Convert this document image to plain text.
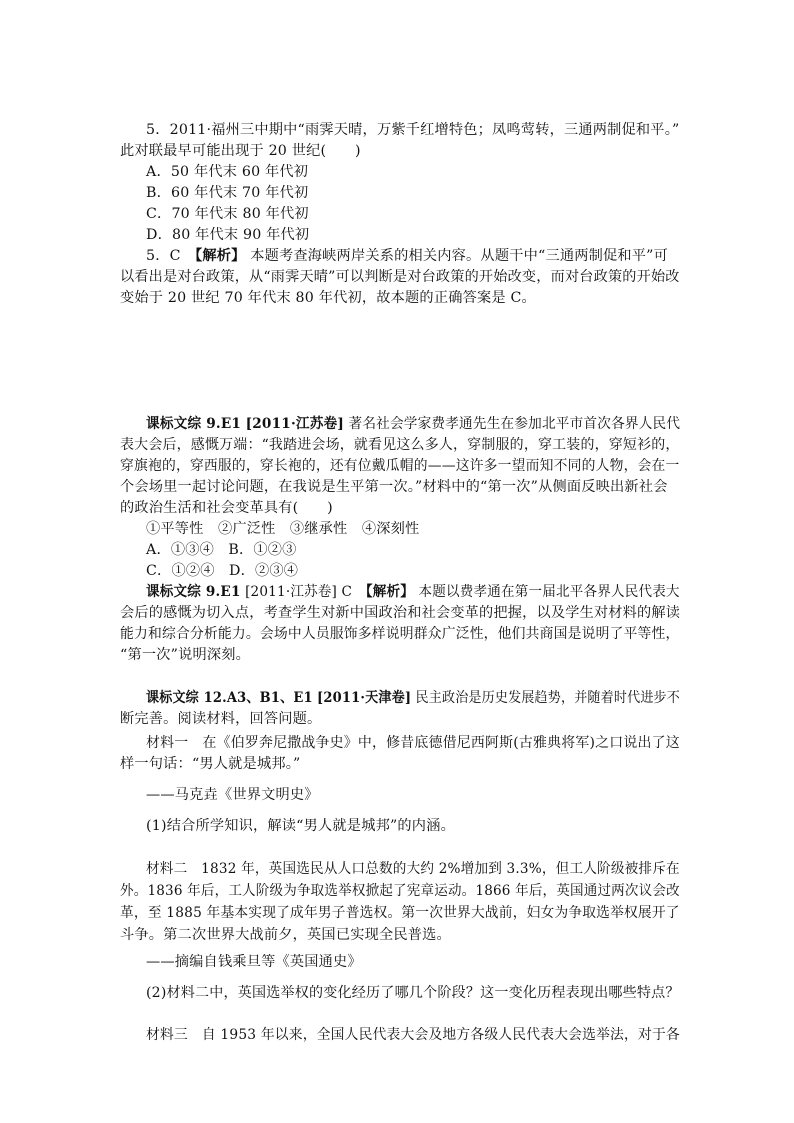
5．2011·福州三中期中“雨霁天晴，万紫千红增特色；凤鸣莺转，三通两制促和平。”
此对联最早可能出现于 20 世纪(　　)
A．50 年代末 60 年代初
B．60 年代末 70 年代初
C．70 年代末 80 年代初
D．80 年代末 90 年代初
5．C　 【解析】 本题考查海峡两岸关系的相关内容。从题干中“三通两制促和平”可
以看出是对台政策，从“雨霁天晴”可以判断是对台政策的开始改变，而对台政策的开始改
变始于 20 世纪 70 年代末 80 年代初，故本题的正确答案是 C。
课标文综 9.E1 [2011·江苏卷] 著名社会学家费孝通先生在参加北平市首次各界人民代
表大会后，感慨万端：“我踏进会场，就看见这么多人，穿制服的，穿工装的，穿短衫的，
穿旗袍的，穿西服的，穿长袍的，还有位戴瓜帽的——这许多一望而知不同的人物，会在一
个会场里一起讨论问题，在我说是生平第一次。”材料中的“第一次”从侧面反映出新社会
的政治生活和社会变革具有(　　)
①平等性　②广泛性　③继承性　④深刻性
A．①③④　B．①②③
C．①②④　D．②③④
课标文综 9.E1 [2011·江苏卷] C　 【解析】 本题以费孝通在第一届北平各界人民代表大
会后的感慨为切入点，考查学生对新中国政治和社会变革的把握，以及学生对材料的解读
能力和综合分析能力。会场中人员服饰多样说明群众广泛性，他们共商国是说明了平等性，
“第一次”说明深刻。
课标文综 12.A3、B1、E1 [2011·天津卷] 民主政治是历史发展趋势，并随着时代进步不
断完善。阅读材料，回答问题。
材料一　在《伯罗奔尼撒战争史》中，修昔底德借尼西阿斯(古雅典将军)之口说出了这
样一句话：“男人就是城邦。”
——马克垚《世界文明史》
(1)结合所学知识，解读“男人就是城邦”的内涵。
材料二　1832 年，英国选民从人口总数的大约 2%增加到 3.3%，但工人阶级被排斥在
外。1836 年后，工人阶级为争取选举权掀起了宪章运动。1866 年后，英国通过两次议会改
革，至 1885 年基本实现了成年男子普选权。第一次世界大战前，妇女为争取选举权展开了
斗争。第二次世界大战前夕，英国已实现全民普选。
——摘编自钱乘旦等《英国通史》
(2)材料二中，英国选举权的变化经历了哪几个阶段？这一变化历程表现出哪些特点？
材料三　自 1953 年以来，全国人民代表大会及地方各级人民代表大会选举法，对于各
